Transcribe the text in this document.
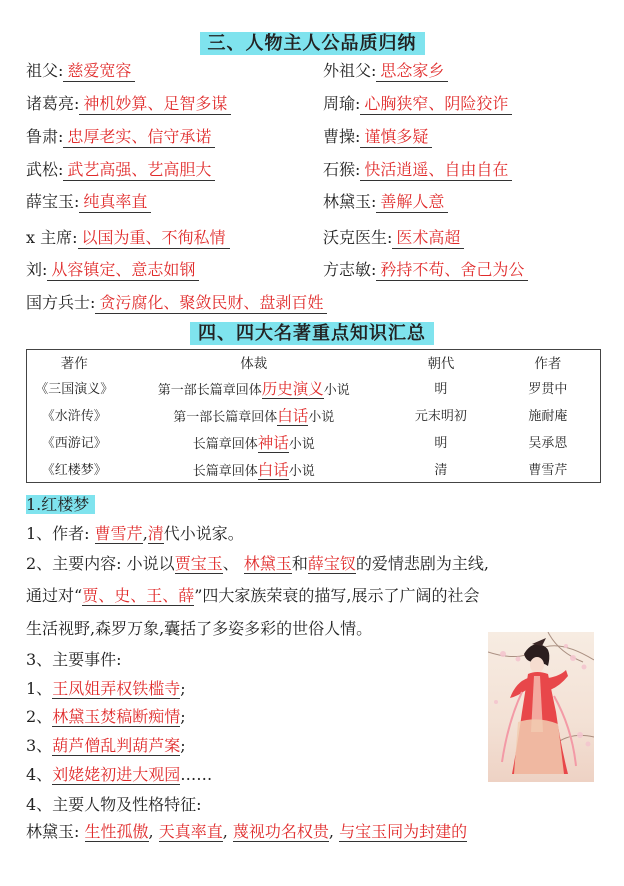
三、人物主人公品质归纳
祖父: 慈爱宽容	外祖父: 思念家乡
诸葛亮: 神机妙算、足智多谋	周瑜: 心胸狭窄、阴险狡诈
鲁肃: 忠厚老实、信守承诺	曹操: 谨慎多疑
武松: 武艺高强、艺高胆大	石猴: 快活逍遥、自由自在
薛宝玉: 纯真率直	林黛玉: 善解人意
x 主席: 以国为重、不徇私情	沃克医生: 医术高超
刘: 从容镇定、意志如钢	方志敏: 矜持不苟、舍己为公
国方兵士: 贪污腐化、聚敛民财、盘剥百姓
四、四大名著重点知识汇总
著作	体裁	朝代	作者
《三国演义》	第一部长篇章回体历史演义小说	明	罗贯中
《水浒传》	第一部长篇章回体白话小说	元末明初	施耐庵
《西游记》	长篇章回体神话小说	明	吴承恩
《红楼梦》	长篇章回体白话小说	清	曹雪芹
1.红楼梦
1、作者: 曹雪芹,清代小说家。
2、主要内容: 小说以贾宝玉、 林黛玉和薛宝钗的爱情悲剧为主线,
通过对“贾、史、王、薛”四大家族荣衰的描写,展示了广阔的社会
生活视野,森罗万象,囊括了多姿多彩的世俗人情。
3、主要事件:
1、王凤姐弄权铁槛寺;
2、林黛玉焚稿断痴情;
3、葫芦僧乱判葫芦案;
4、刘姥姥初进大观园……
4、主要人物及性格特征:
林黛玉: 生性孤傲, 天真率直, 蔑视功名权贵, 与宝玉同为封建的
